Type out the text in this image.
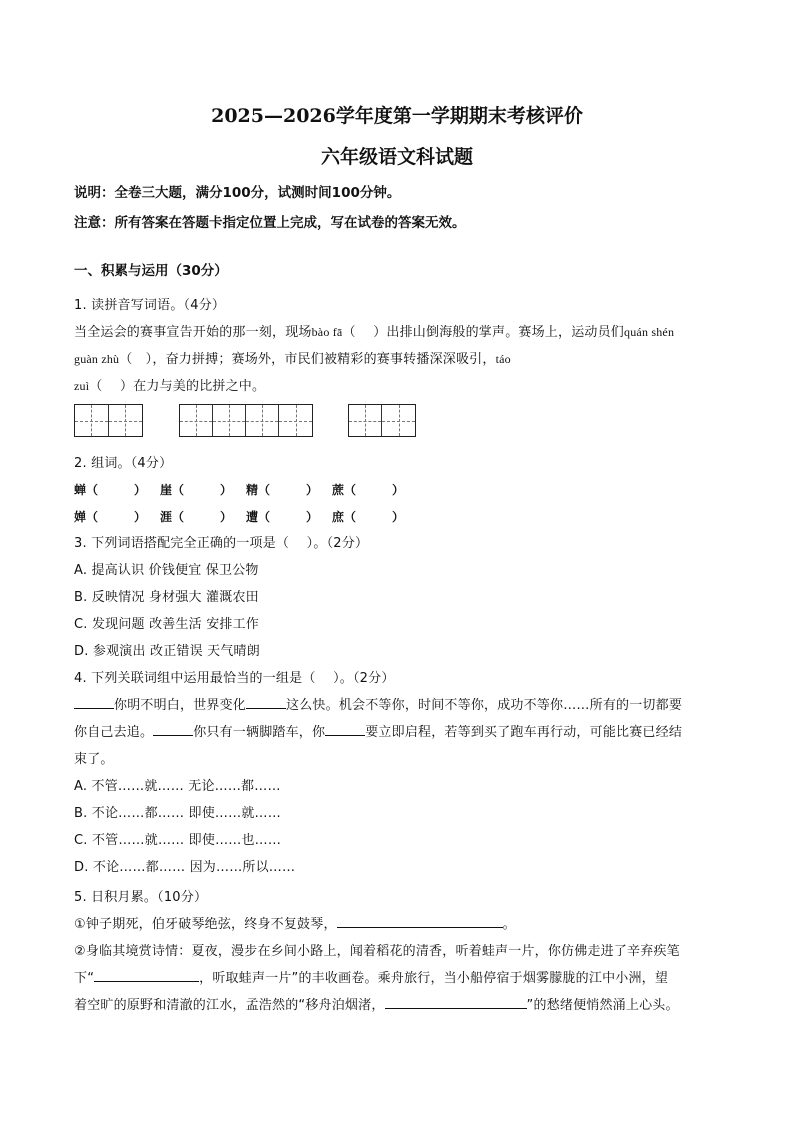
2025—2026学年度第一学期期末考核评价
六年级语文科试题
说明：全卷三大题，满分100分，试测时间100分钟。
注意：所有答案在答题卡指定位置上完成，写在试卷的答案无效。
一、积累与运用（30分）
1. 读拼音写词语。（4分）
当全运会的赛事宣告开始的那一刻，现场bào fā（　 ）出排山倒海般的掌声。赛场上，运动员们quán shén
guàn zhù（　），奋力拼搏；赛场外，市民们被精彩的赛事转播深深吸引，táo
zuì（　 ）在力与美的比拼之中。
2. 组词。（4分）
蝉（　　　）	崖（　　　）	精（　　　）	蔗（　　　）
婵（　　　）	涯（　　　）	遭（　　　）	庶（　　　）
3. 下列词语搭配完全正确的一项是（　 ）。（2分）
A. 提高认识 价钱便宜 保卫公物
B. 反映情况 身材强大 灌溉农田
C. 发现问题 改善生活 安排工作
D. 参观演出 改正错误 天气晴朗
4. 下列关联词组中运用最恰当的一组是（　 ）。（2分）
你明不明白，世界变化	这么快。机会不等你，时间不等你，成功不等你……所有的一切都要
你自己去追。	你只有一辆脚踏车，你	要立即启程，若等到买了跑车再行动，可能比赛已经结
束了。
A. 不管……就…… 无论……都……
B. 不论……都…… 即使……就……
C. 不管……就…… 即使……也……
D. 不论……都…… 因为……所以……
5. 日积月累。（10分）
①钟子期死，伯牙破琴绝弦，终身不复鼓琴，	。
②身临其境赏诗情：夏夜，漫步在乡间小路上，闻着稻花的清香，听着蛙声一片，你仿佛走进了辛弃疾笔
下“	，听取蛙声一片”的丰收画卷。乘舟旅行，当小船停宿于烟雾朦胧的江中小洲，望
着空旷的原野和清澈的江水，孟浩然的“移舟泊烟渚，	”的愁绪便悄然涌上心头。
